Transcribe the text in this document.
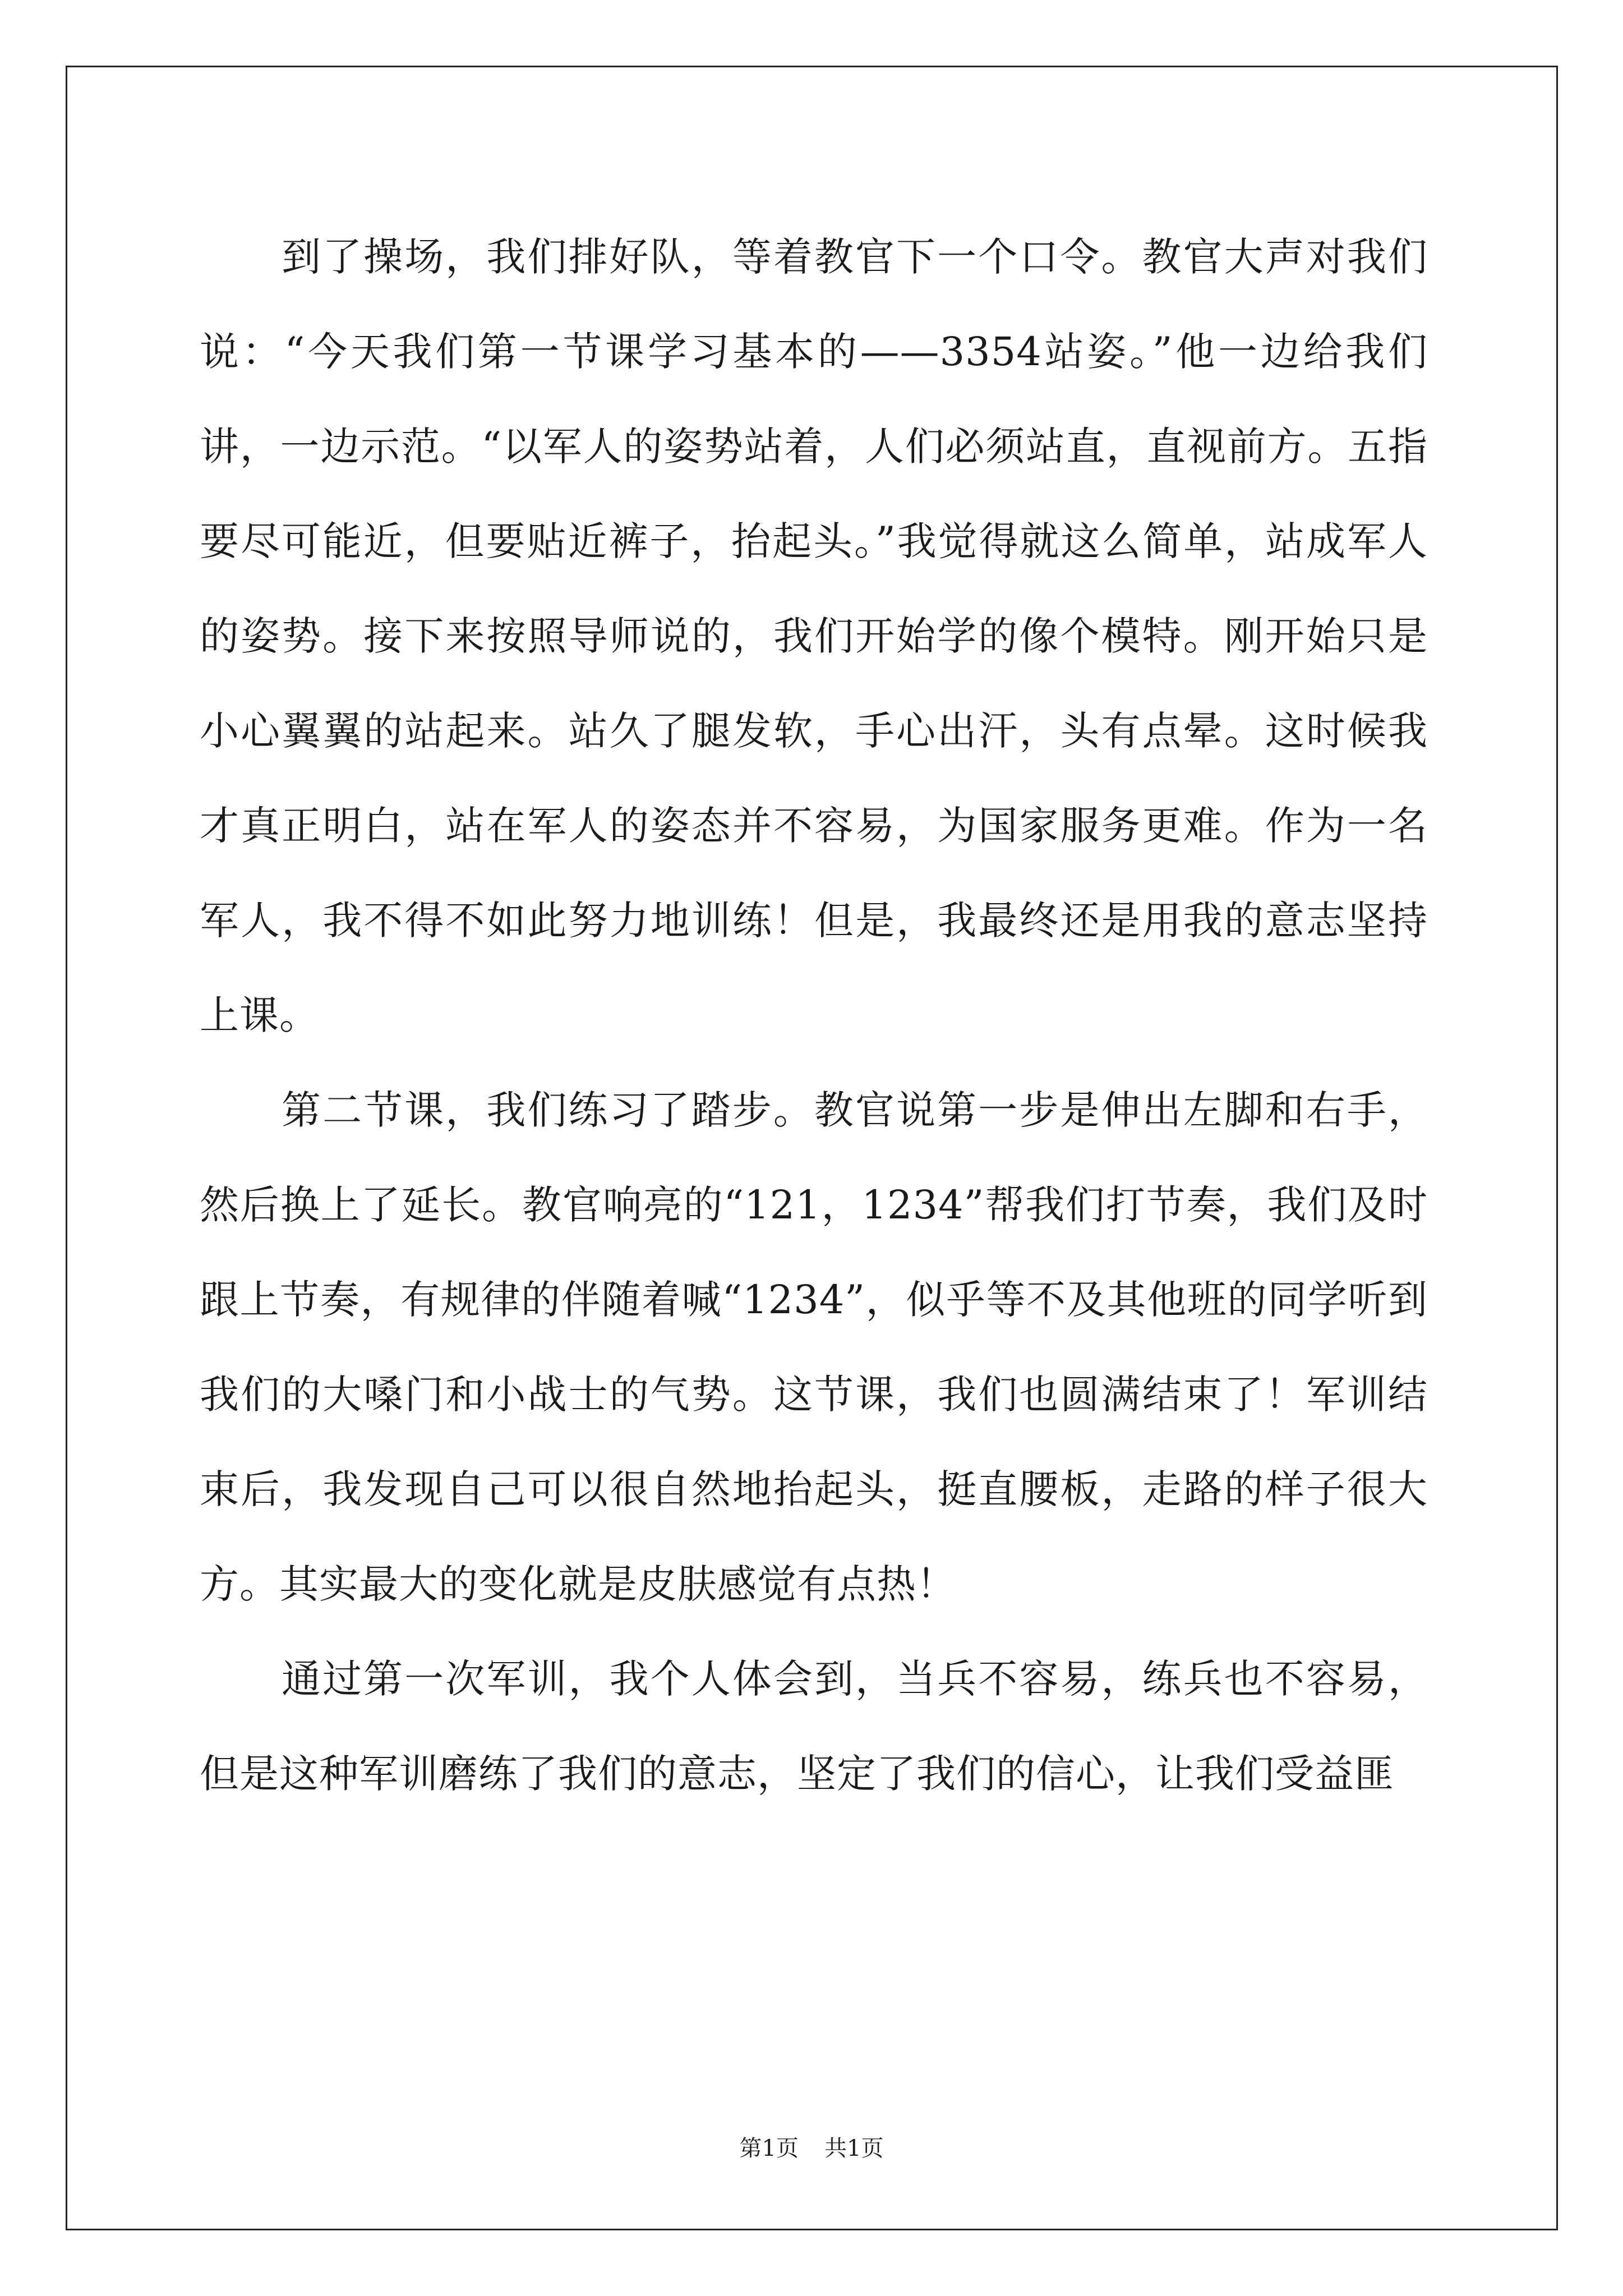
到了操场，我们排好队，等着教官下一个口令。教官大声对我们说：“今天我们第一节课学习基本的——3354站姿。”他一边给我们讲，一边示范。“以军人的姿势站着，人们必须站直，直视前方。五指要尽可能近，但要贴近裤子，抬起头。”我觉得就这么简单，站成军人的姿势。接下来按照导师说的，我们开始学的像个模特。刚开始只是小心翼翼的站起来。站久了腿发软，手心出汗，头有点晕。这时候我才真正明白，站在军人的姿态并不容易，为国家服务更难。作为一名军人，我不得不如此努力地训练！但是，我最终还是用我的意志坚持上课。

第二节课，我们练习了踏步。教官说第一步是伸出左脚和右手，然后换上了延长。教官响亮的“121，1234”帮我们打节奏，我们及时跟上节奏，有规律的伴随着喊“1234”，似乎等不及其他班的同学听到我们的大嗓门和小战士的气势。这节课，我们也圆满结束了！军训结束后，我发现自己可以很自然地抬起头，挺直腰板，走路的样子很大方。其实最大的变化就是皮肤感觉有点热！

通过第一次军训，我个人体会到，当兵不容易，练兵也不容易，但是这种军训磨练了我们的意志，坚定了我们的信心，让我们受益匪

第1页 共1页
